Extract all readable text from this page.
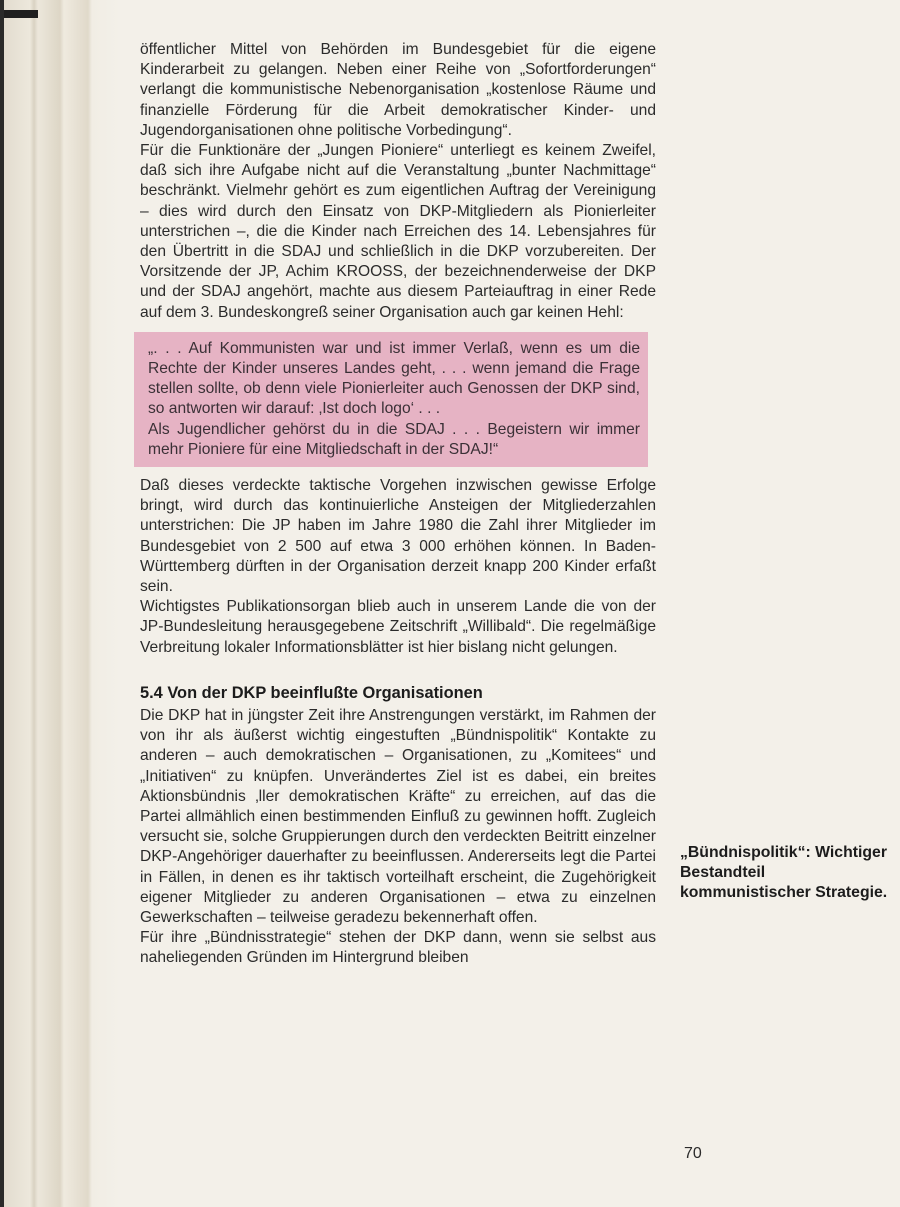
öffentlicher Mittel von Behörden im Bundesgebiet für die eigene Kinderarbeit zu gelangen. Neben einer Reihe von „Sofortforderungen“ verlangt die kommunistische Nebenorganisation „kostenlose Räume und finanzielle Förderung für die Arbeit demokratischer Kinder- und Jugendorganisationen ohne politische Vorbedingung“.

Für die Funktionäre der „Jungen Pioniere“ unterliegt es keinem Zweifel, daß sich ihre Aufgabe nicht auf die Veranstaltung „bunter Nachmittage“ beschränkt. Vielmehr gehört es zum eigentlichen Auftrag der Vereinigung – dies wird durch den Einsatz von DKP-Mitgliedern als Pionierleiter unterstrichen –, die die Kinder nach Erreichen des 14. Lebensjahres für den Übertritt in die SDAJ und schließlich in die DKP vorzubereiten. Der Vorsitzende der JP, Achim KROOSS, der bezeichnenderweise der DKP und der SDAJ angehört, machte aus diesem Parteiauftrag in einer Rede auf dem 3. Bundeskongreß seiner Organisation auch gar keinen Hehl:

„. . . Auf Kommunisten war und ist immer Verlaß, wenn es um die Rechte der Kinder unseres Landes geht, . . . wenn jemand die Frage stellen sollte, ob denn viele Pionierleiter auch Genossen der DKP sind, so antworten wir darauf: ‚Ist doch logo‘ . . .

Als Jugendlicher gehörst du in die SDAJ . . . Begeistern wir immer mehr Pioniere für eine Mitgliedschaft in der SDAJ!“

Daß dieses verdeckte taktische Vorgehen inzwischen gewisse Erfolge bringt, wird durch das kontinuierliche Ansteigen der Mitgliederzahlen unterstrichen: Die JP haben im Jahre 1980 die Zahl ihrer Mitglieder im Bundesgebiet von 2 500 auf etwa 3 000 erhöhen können. In Baden-Württemberg dürften in der Organisation derzeit knapp 200 Kinder erfaßt sein.

Wichtigstes Publikationsorgan blieb auch in unserem Lande die von der JP-Bundesleitung herausgegebene Zeitschrift „Willibald“. Die regelmäßige Verbreitung lokaler Informationsblätter ist hier bislang nicht gelungen.

5.4 Von der DKP beeinflußte Organisationen

Die DKP hat in jüngster Zeit ihre Anstrengungen verstärkt, im Rahmen der von ihr als äußerst wichtig eingestuften „Bündnispolitik“ Kontakte zu anderen – auch demokratischen – Organisationen, zu „Komitees“ und „Initiativen“ zu knüpfen. Unverändertes Ziel ist es dabei, ein breites Aktionsbündnis ‚ller demokratischen Kräfte“ zu erreichen, auf das die Partei allmählich einen bestimmenden Einfluß zu gewinnen hofft. Zugleich versucht sie, solche Gruppierungen durch den verdeckten Beitritt einzelner DKP-Angehöriger dauerhafter zu beeinflussen. Andererseits legt die Partei in Fällen, in denen es ihr taktisch vorteilhaft erscheint, die Zugehörigkeit eigener Mitglieder zu anderen Organisationen – etwa zu einzelnen Gewerkschaften – teilweise geradezu bekennerhaft offen.

Für ihre „Bündnisstrategie“ stehen der DKP dann, wenn sie selbst aus naheliegenden Gründen im Hintergrund bleiben

„Bündnispolitik“: Wichtiger Bestandteil kommunistischer Strategie.
70
